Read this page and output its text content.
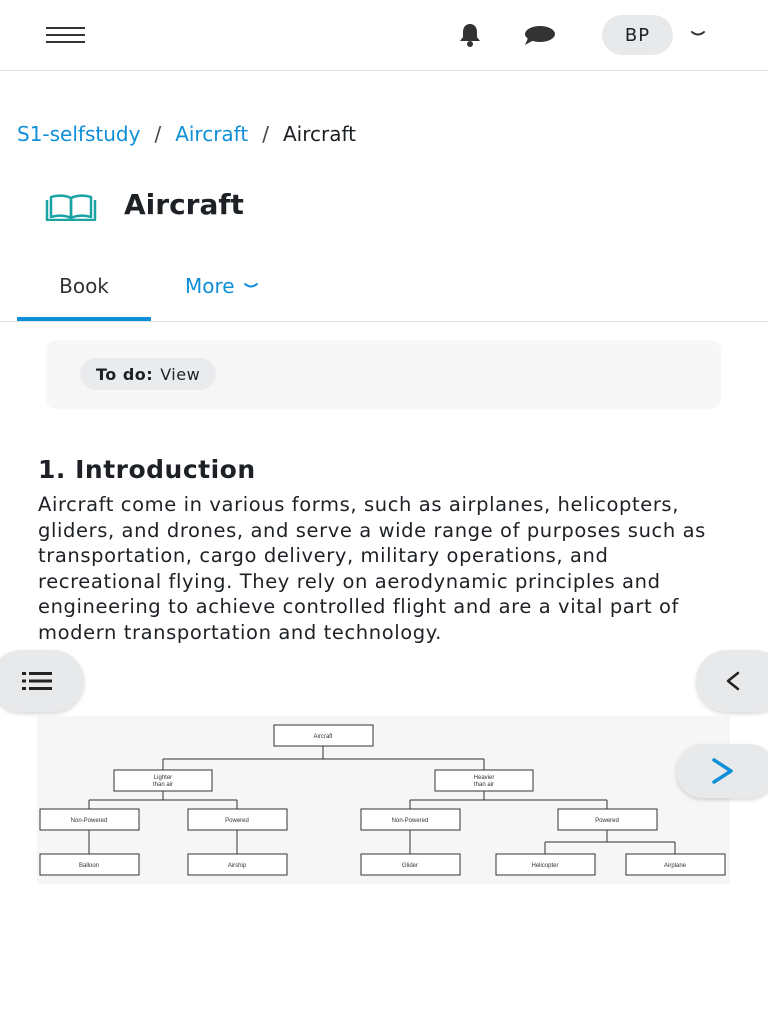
BP
S1-selfstudy / Aircraft / Aircraft
Aircraft
Book	More
To do: View
1. Introduction

Aircraft come in various forms, such as airplanes, helicopters, gliders, and drones, and serve a wide range of purposes such as transportation, cargo delivery, military operations, and recreational flying. They rely on aerodynamic principles and engineering to achieve controlled flight and are a vital part of modern transportation and technology.

Aircraft
Lighter
than air
Heavier
than air
Non-Powered	Powered	Non-Powered	Powered
Balloon	Airship	Glider	Helicopter	Airplane
